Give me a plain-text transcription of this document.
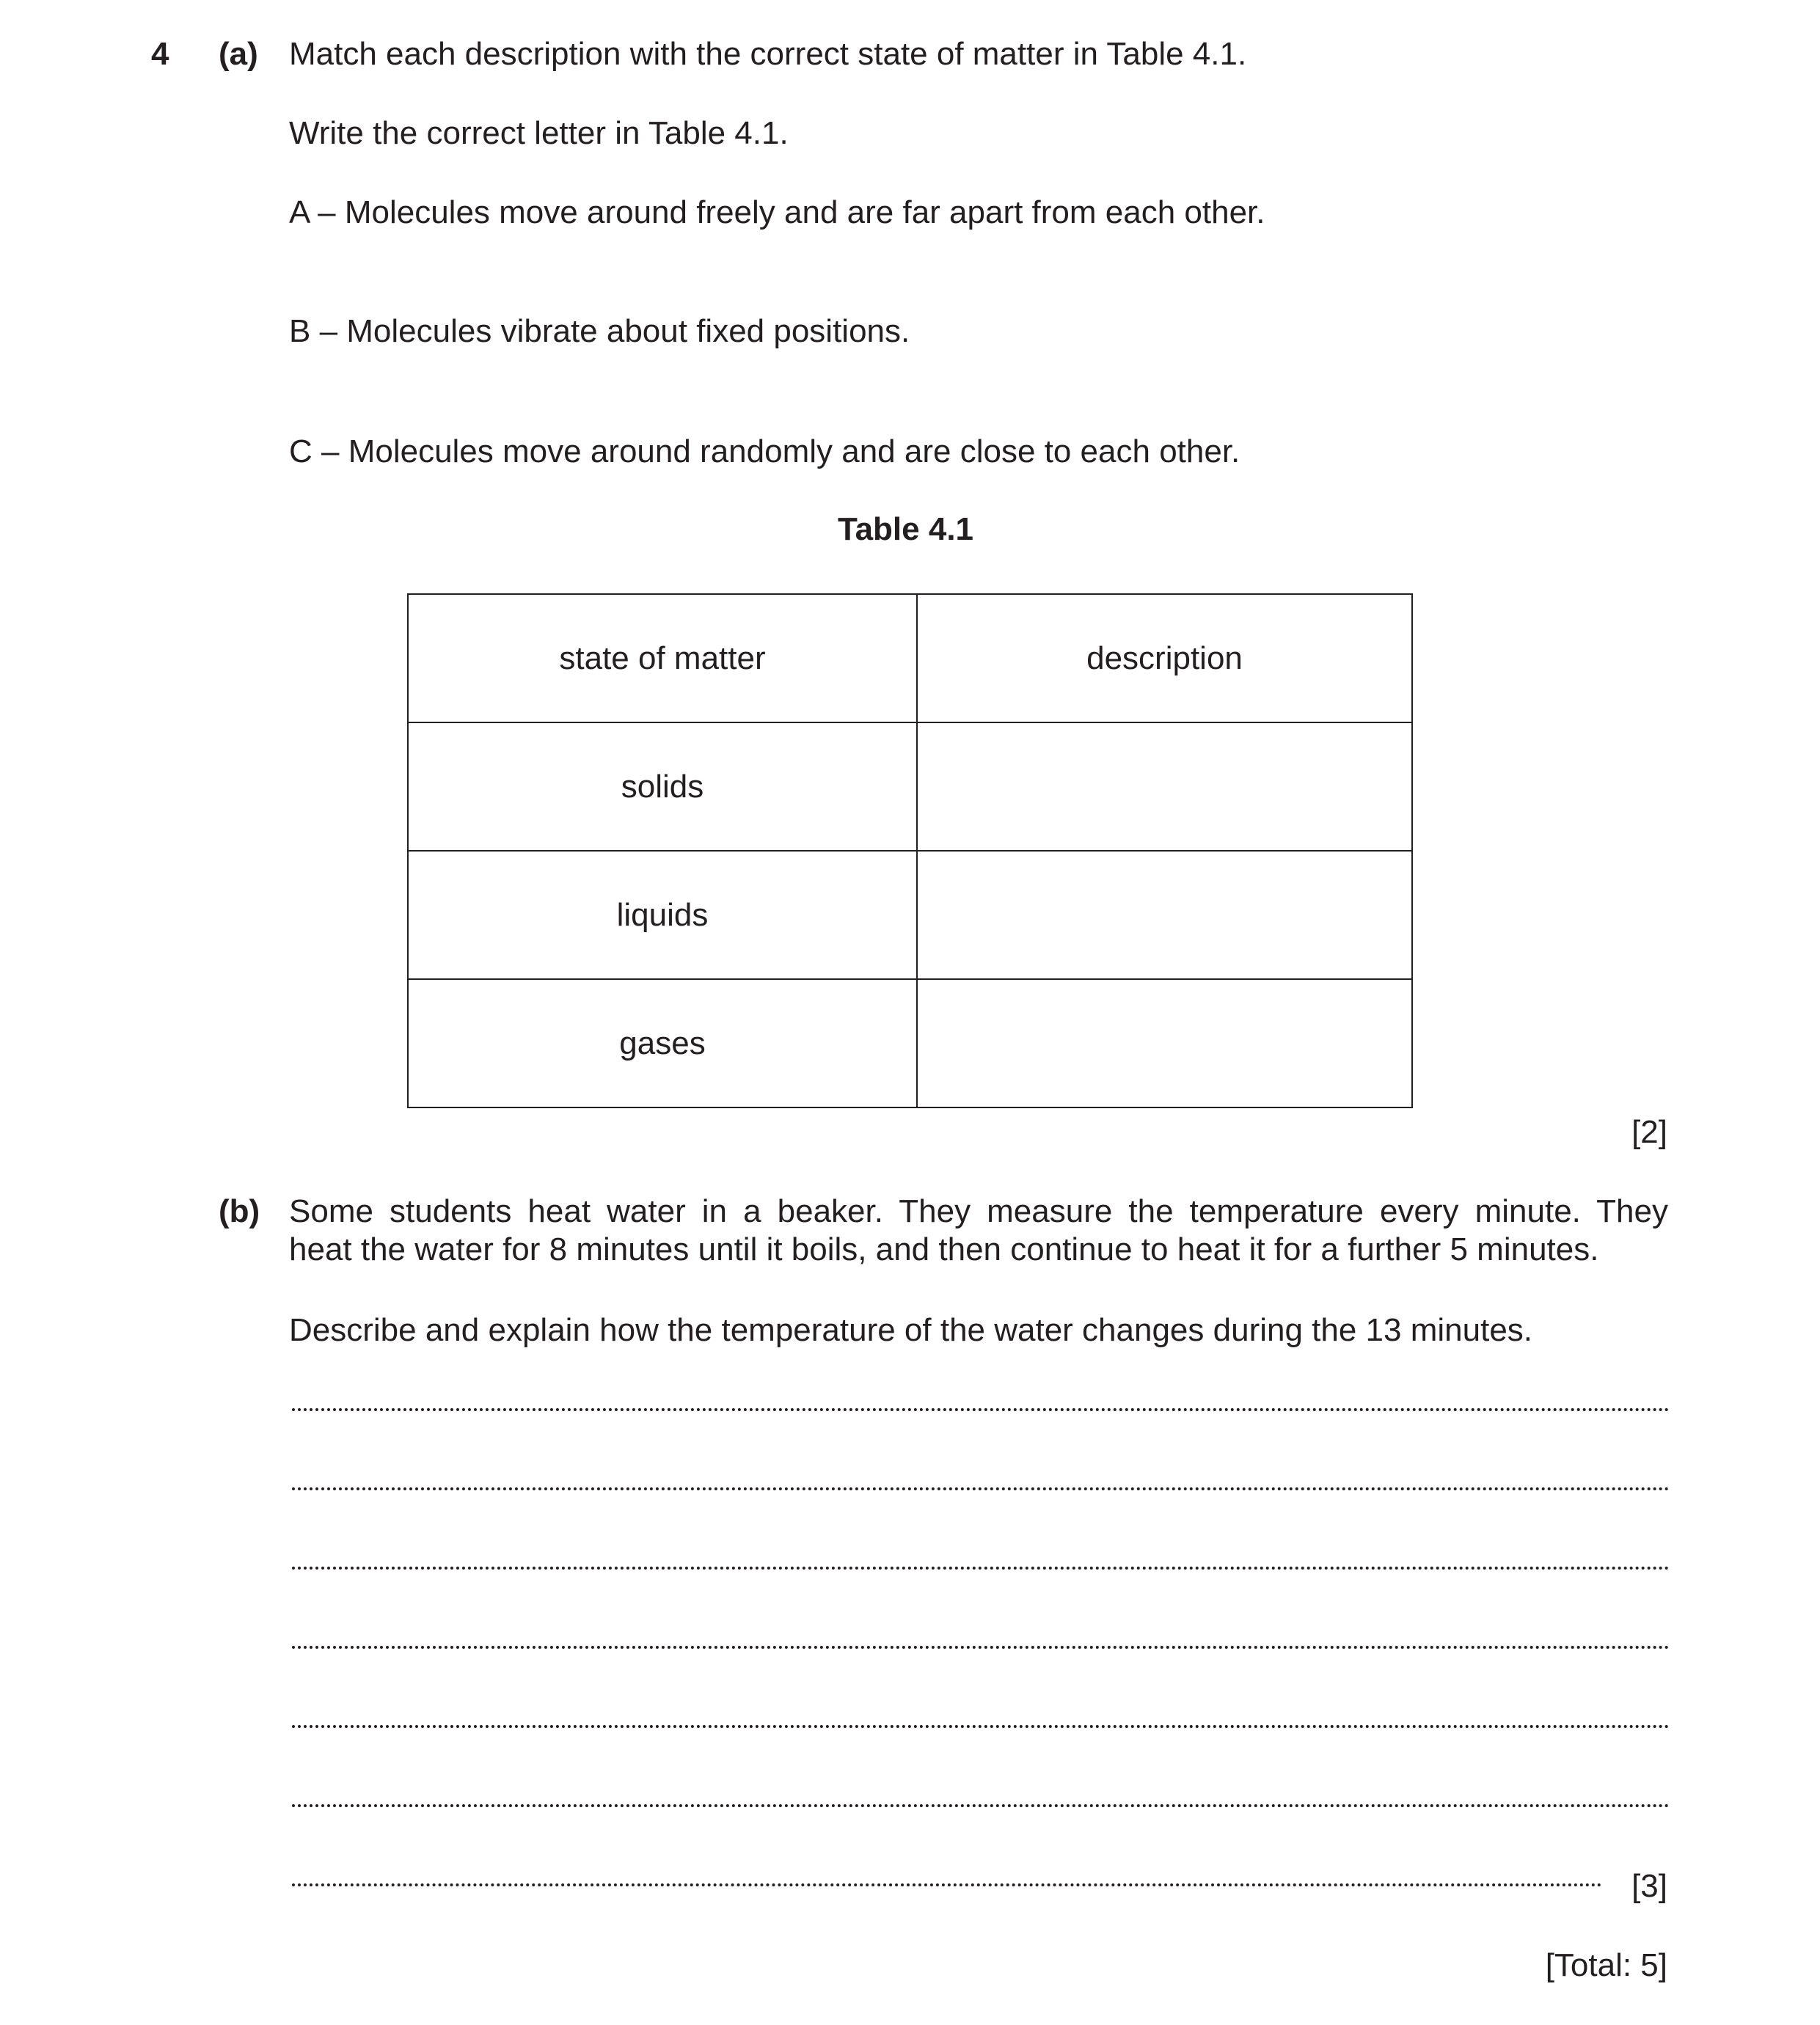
4 (a) Match each description with the correct state of matter in Table 4.1.
Write the correct letter in Table 4.1.
A – Molecules move around freely and are far apart from each other.
B – Molecules vibrate about fixed positions.
C – Molecules move around randomly and are close to each other.
Table 4.1
state of matter	description
solids	
liquids	
gases	
[2]
(b) Some students heat water in a beaker. They measure the temperature every minute. They
heat the water for 8 minutes until it boils, and then continue to heat it for a further 5 minutes.
Describe and explain how the temperature of the water changes during the 13 minutes.
[3]
[Total: 5]
